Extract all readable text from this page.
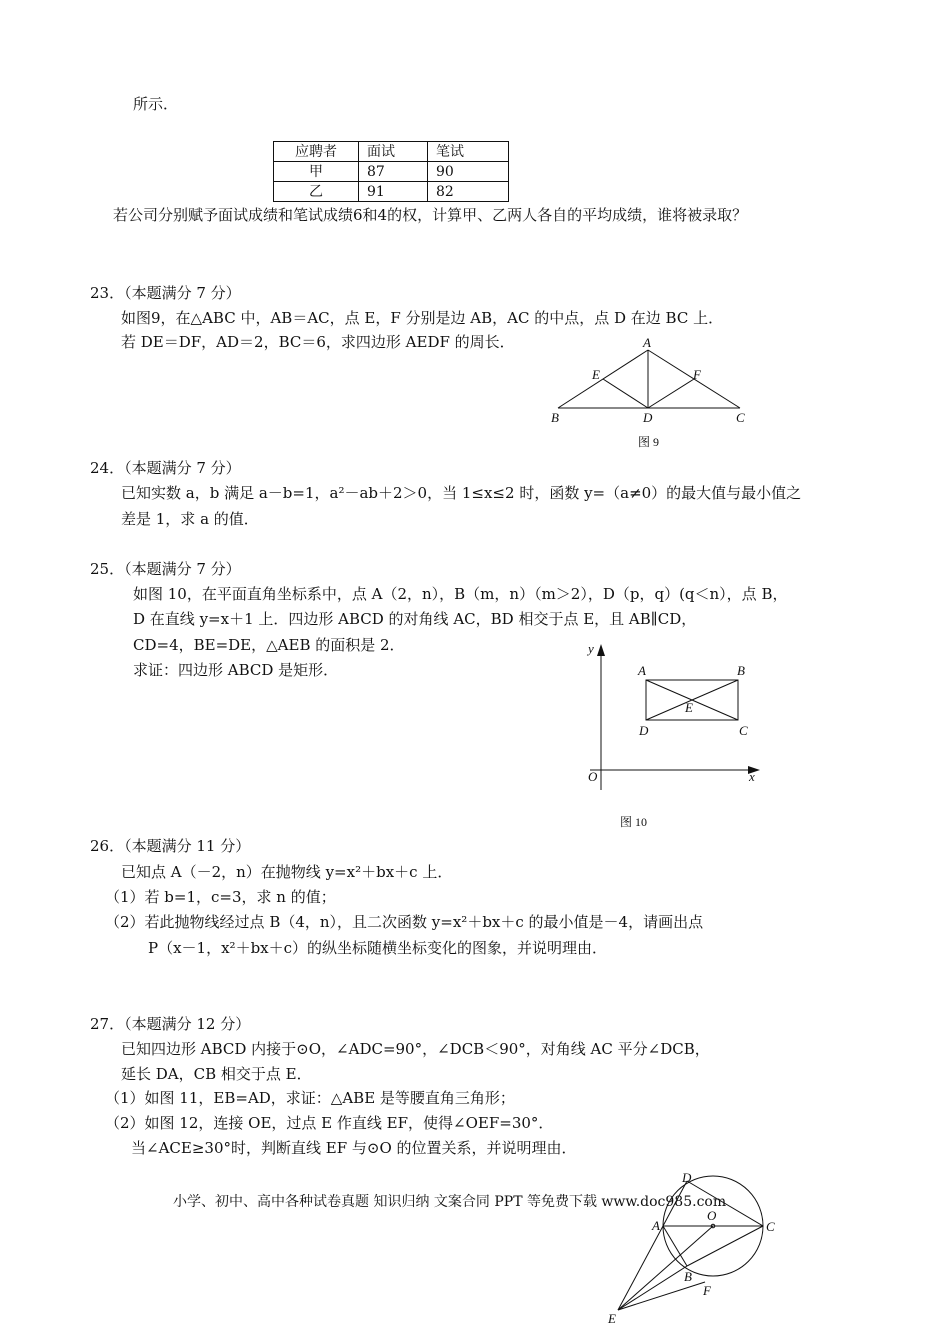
所示．
应聘者	面试	笔试
甲	87	90
乙	91	82
若公司分别赋予面试成绩和笔试成绩6和4的权，计算甲、乙两人各自的平均成绩，谁将被录取？
23．（本题满分 7 分）
如图9，在△ABC 中，AB＝AC，点 E，F 分别是边 AB，AC 的中点，点 D 在边 BC 上．
若 DE＝DF，AD＝2，BC＝6，求四边形 AEDF 的周长．
24．（本题满分 7 分）
已知实数 a，b 满足 a－b=1，a²－ab＋2＞0，当 1≤x≤2 时，函数 y=（a≠0）的最大值与最小值之
差是 1，求 a 的值．
25．（本题满分 7 分）
如图 10，在平面直角坐标系中，点 A（2，n），B（m，n）（m＞2），D（p，q）(q＜n），点 B，
D 在直线 y=x＋1 上．四边形 ABCD 的对角线 AC，BD 相交于点 E，且 AB∥CD，
CD=4，BE=DE，△AEB 的面积是 2．
求证：四边形 ABCD 是矩形．
26．（本题满分 11 分）
已知点 A（－2，n）在抛物线 y=x²＋bx＋c 上．
（1）若 b=1，c=3，求 n 的值；
（2）若此抛物线经过点 B（4，n），且二次函数 y=x²＋bx＋c 的最小值是－4，请画出点
P（x－1，x²＋bx＋c）的纵坐标随横坐标变化的图象，并说明理由．
27．（本题满分 12 分）
已知四边形 ABCD 内接于⊙O，∠ADC=90°，∠DCB＜90°，对角线 AC 平分∠DCB，
延长 DA，CB 相交于点 E．
（1）如图 11，EB=AD，求证：△ABE 是等腰直角三角形；
（2）如图 12，连接 OE，过点 E 作直线 EF，使得∠OEF=30°．
当∠ACE≥30°时，判断直线 EF 与⊙O 的位置关系，并说明理由．
小学、初中、高中各种试卷真题 知识归纳 文案合同 PPT 等免费下载 www.doc985.com
A
B	C
D
E	F
图 9
A	B
C
D
E
O	x
y
图 10
D
A
O
C
B
F
E
